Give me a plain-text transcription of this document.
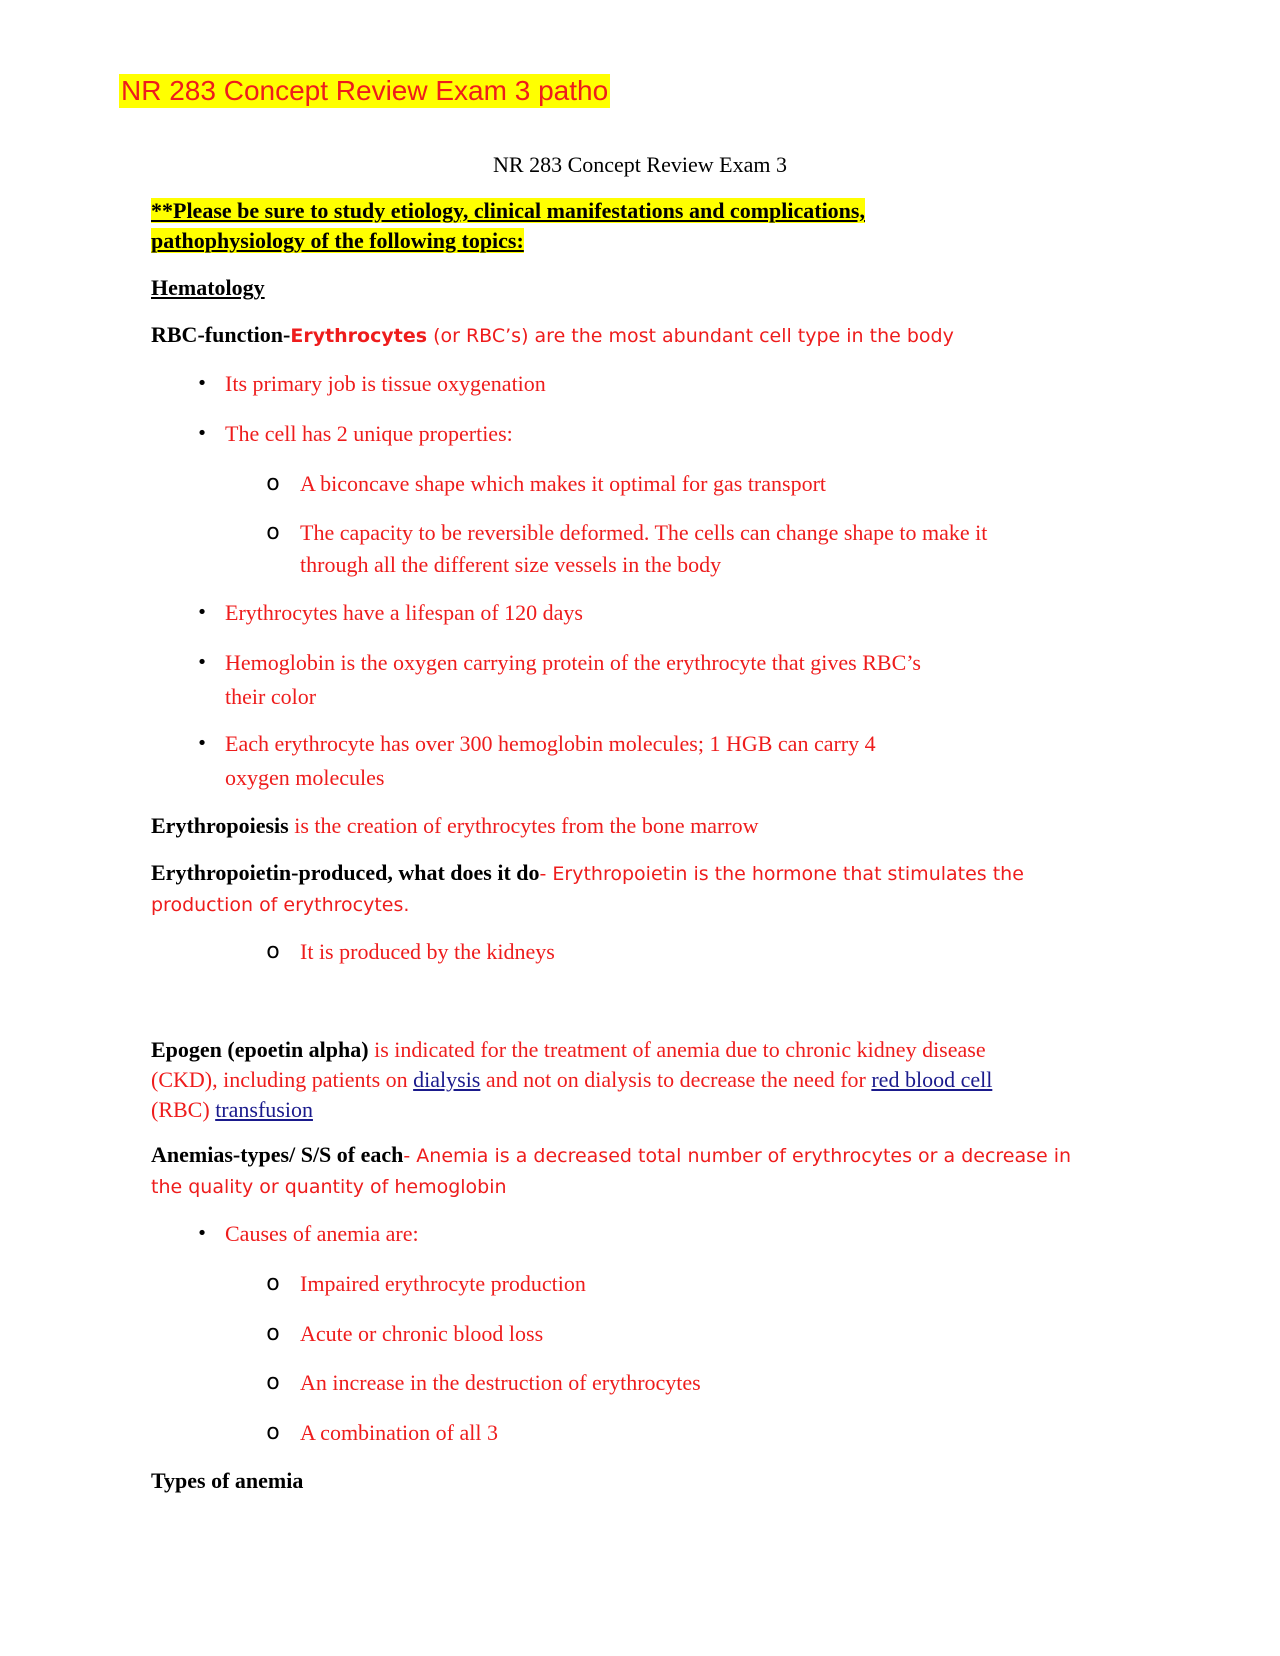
NR 283 Concept Review Exam 3 patho
NR 283 Concept Review Exam 3
**Please be sure to study etiology, clinical manifestations and complications,
pathophysiology of the following topics:
Hematology
RBC-function-Erythrocytes (or RBC’s) are the most abundant cell type in the body
• Its primary job is tissue oxygenation
• The cell has 2 unique properties:
o A biconcave shape which makes it optimal for gas transport
o The capacity to be reversible deformed. The cells can change shape to make it
through all the different size vessels in the body
• Erythrocytes have a lifespan of 120 days
• Hemoglobin is the oxygen carrying protein of the erythrocyte that gives RBC’s
their color
• Each erythrocyte has over 300 hemoglobin molecules; 1 HGB can carry 4
oxygen molecules
Erythropoiesis is the creation of erythrocytes from the bone marrow
Erythropoietin-produced, what does it do- Erythropoietin is the hormone that stimulates the
production of erythrocytes.
o It is produced by the kidneys
Epogen (epoetin alpha) is indicated for the treatment of anemia due to chronic kidney disease
(CKD), including patients on dialysis and not on dialysis to decrease the need for red blood cell
(RBC) transfusion
Anemias-types/ S/S of each- Anemia is a decreased total number of erythrocytes or a decrease in
the quality or quantity of hemoglobin
• Causes of anemia are:
o Impaired erythrocyte production
o Acute or chronic blood loss
o An increase in the destruction of erythrocytes
o A combination of all 3
Types of anemia
